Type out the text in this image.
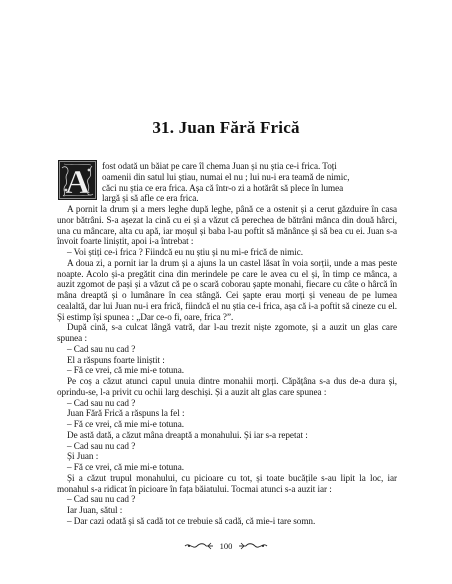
31. Juan Fără Frică
A fost odată un băiat pe care îl chema Juan și nu știa ce-i frica. Toți

oamenii din satul lui știau, numai el nu ; lui nu-i era teamă de nimic,

căci nu știa ce era frica. Așa că într-o zi a hotărât să plece în lumea

largă și să afle ce era frica.

A pornit la drum și a mers leghe după leghe, până ce a ostenit și a cerut găzduire în casa unor bătrâni. S-a așezat la cină cu ei și a văzut că perechea de bătrâni mânca din două hârci, una cu mâncare, alta cu apă, iar moșul și baba l-au poftit să mănânce și să bea cu ei. Juan s-a învoit foarte liniștit, apoi i-a întrebat :

– Voi știți ce-i frica ? Fiindcă eu nu știu și nu mi-e frică de nimic.

A doua zi, a pornit iar la drum și a ajuns la un castel lăsat în voia sorții, unde a mas peste noapte. Acolo și-a pregătit cina din merindele pe care le avea cu el și, în timp ce mânca, a auzit zgomot de pași și a văzut că pe o scară coborau șapte monahi, fiecare cu câte o hârcă în mâna dreaptă și o lumânare în cea stângă. Cei șapte erau morți și veneau de pe lumea cealaltă, dar lui Juan nu-i era frică, fiindcă el nu știa ce-i frica, așa că i-a poftit să cineze cu el. Și estimp își spunea : „Dar ce-o fi, oare, frica ?”.

După cină, s-a culcat lângă vatră, dar l-au trezit niște zgomote, și a auzit un glas care spunea :

– Cad sau nu cad ?

El a răspuns foarte liniștit :

– Fă ce vrei, că mie mi-e totuna.

Pe coș a căzut atunci capul unuia dintre monahii morți. Căpățâna s-a dus de-a dura și, oprindu-se, l-a privit cu ochii larg deschiși. Și a auzit alt glas care spunea :

– Cad sau nu cad ?

Juan Fără Frică a răspuns la fel :

– Fă ce vrei, că mie mi-e totuna.

De astă dată, a căzut mâna dreaptă a monahului. Și iar s-a repetat :

– Cad sau nu cad ?

Și Juan :

– Fă ce vrei, că mie mi-e totuna.

Și a căzut trupul monahului, cu picioare cu tot, și toate bucățile s-au lipit la loc, iar monahul s-a ridicat în picioare în fața băiatului. Tocmai atunci s-a auzit iar :

– Cad sau nu cad ?

Iar Juan, sătul :

– Dar cazi odată și să cadă tot ce trebuie să cadă, că mie-i tare somn.

100
